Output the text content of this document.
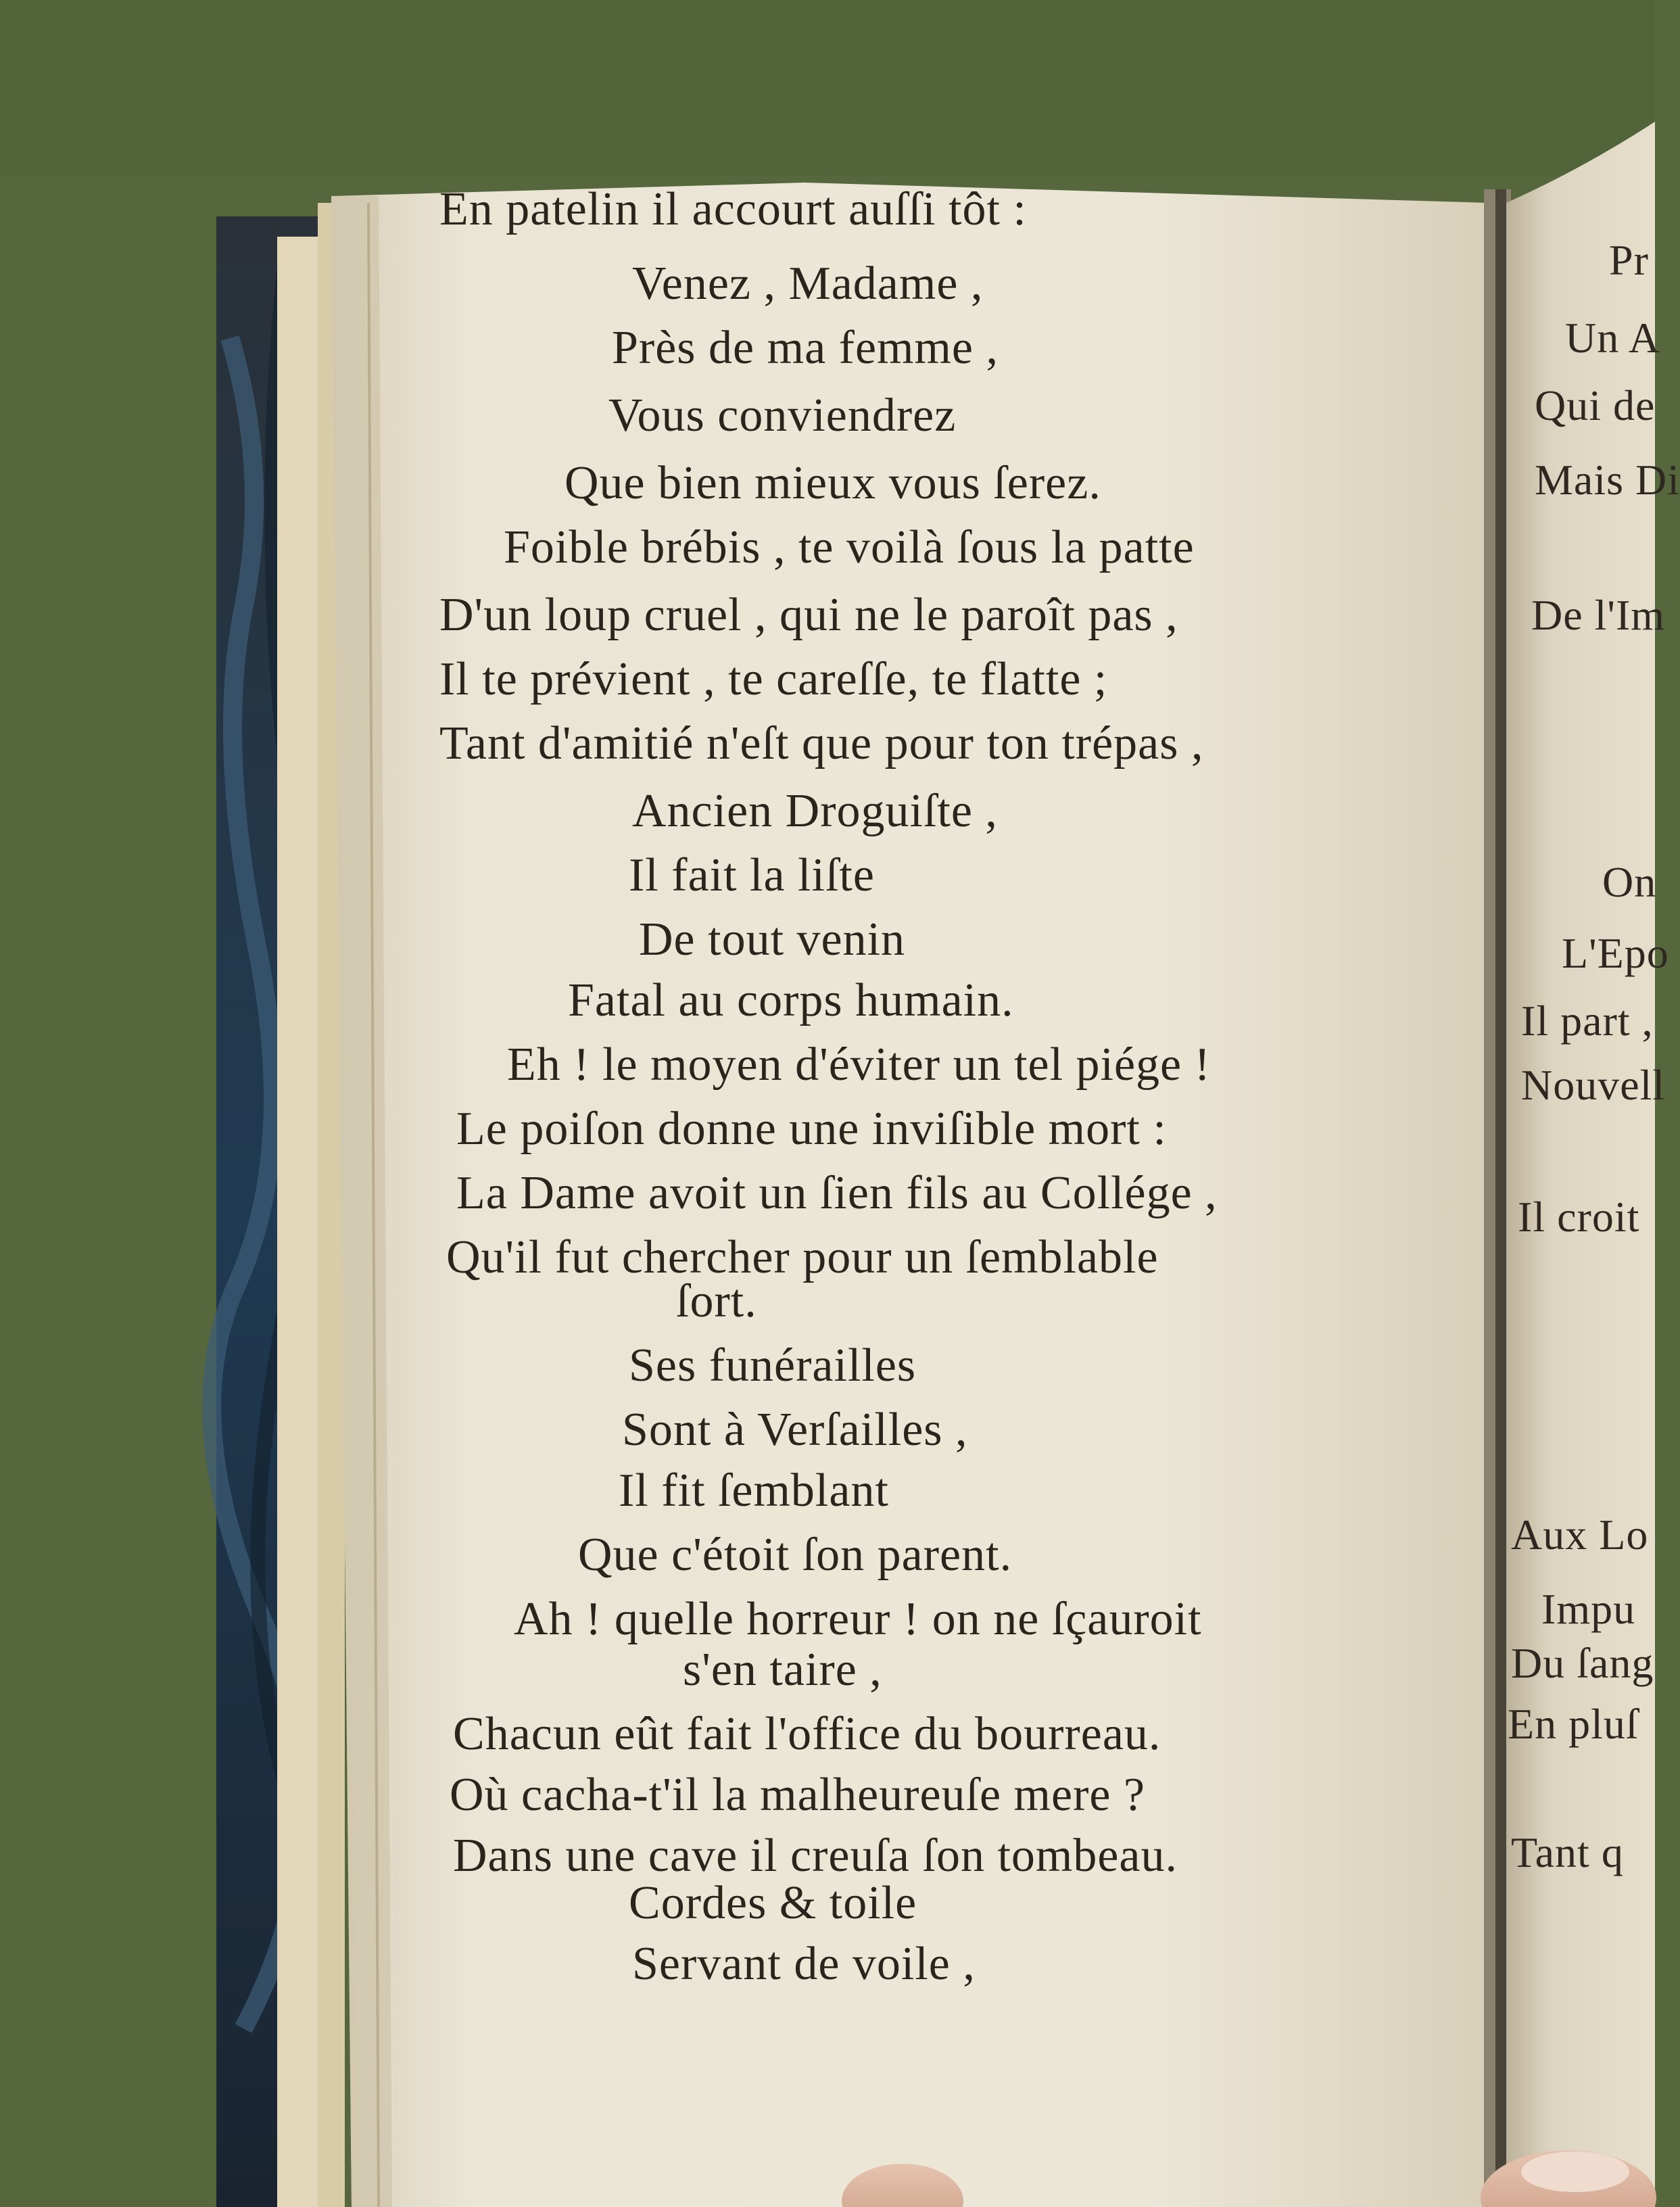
En patelin il accourt auſſi tôt :
Venez , Madame ,
Près de ma femme ,
Vous conviendrez
Que bien mieux vous ſerez.
Foible brébis , te voilà ſous la patte
D'un loup cruel , qui ne le paroît pas ,
Il te prévient , te careſſe, te flatte ;
Tant d'amitié n'eſt que pour ton trépas ,
Ancien Droguiſte ,
Il fait la liſte
De tout venin
Fatal au corps humain.
Eh ! le moyen d'éviter un tel piége !
Le poiſon donne une inviſible mort :
La Dame avoit un ſien fils au Collége ,
Qu'il fut chercher pour un ſemblable
ſort.
Ses funérailles
Sont à Verſailles ,
Il fit ſemblant
Que c'étoit ſon parent.
Ah ! quelle horreur ! on ne ſçauroit
s'en taire ,
Chacun eût fait l'office du bourreau.
Où cacha-t'il la malheureuſe mere ?
Dans une cave il creuſa ſon tombeau.
Cordes & toile
Servant de voile ,
Pr
Un A
Qui de
Mais Di
De l'Im
On
L'Epo
Il part ,
Nouvell
Il croit
Aux Lo
Impu
Du ſang
En pluſ
Tant q
